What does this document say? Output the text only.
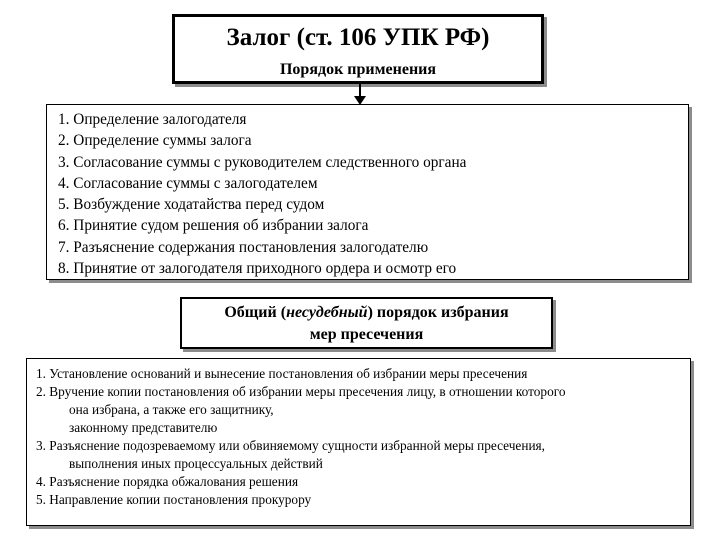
Залог (ст. 106 УПК РФ)
Порядок применения
1. Определение залогодателя
2. Определение суммы залога
3. Согласование суммы с руководителем следственного органа
4. Согласование суммы с залогодателем
5. Возбуждение ходатайства перед судом
6. Принятие судом решения об избрании залога
7. Разъяснение содержания постановления залогодателю
8. Принятие от залогодателя приходного ордера и осмотр его
Общий (несудебный) порядок избрания
мер пресечения
1. Установление оснований и вынесение постановления об избрании меры пресечения
2. Вручение копии постановления об избрании меры пресечения лицу, в отношении которого
она избрана, а также его защитнику,
законному представителю
3. Разъяснение подозреваемому или обвиняемому сущности избранной меры пресечения,
выполнения иных процессуальных действий
4. Разъяснение порядка обжалования решения
5. Направление копии постановления прокурору
